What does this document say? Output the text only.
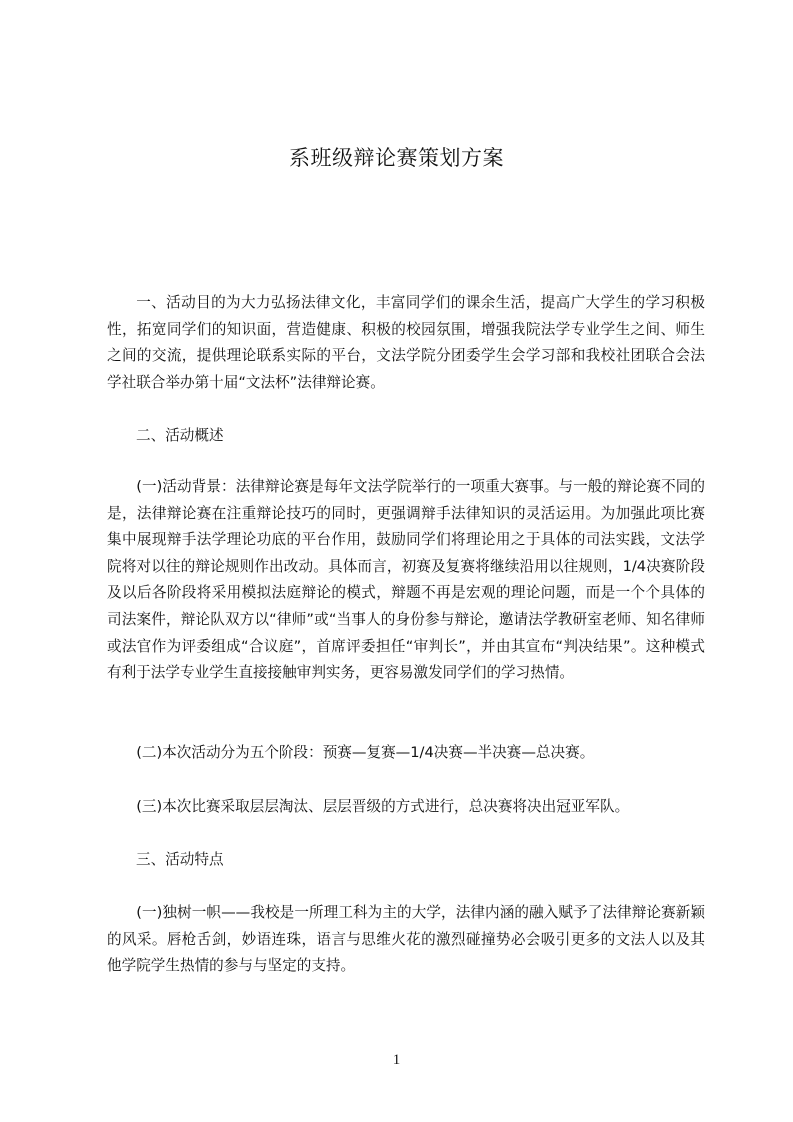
系班级辩论赛策划方案

一、活动目的为大力弘扬法律文化，丰富同学们的课余生活，提高广大学生的学习积极性，拓宽同学们的知识面，营造健康、积极的校园氛围，增强我院法学专业学生之间、师生之间的交流，提供理论联系实际的平台，文法学院分团委学生会学习部和我校社团联合会法学社联合举办第十届“文法杯”法律辩论赛。

二、活动概述

(一)活动背景：法律辩论赛是每年文法学院举行的一项重大赛事。与一般的辩论赛不同的是，法律辩论赛在注重辩论技巧的同时，更强调辩手法律知识的灵活运用。为加强此项比赛集中展现辩手法学理论功底的平台作用，鼓励同学们将理论用之于具体的司法实践，文法学院将对以往的辩论规则作出改动。具体而言，初赛及复赛将继续沿用以往规则，1/4决赛阶段及以后各阶段将采用模拟法庭辩论的模式，辩题不再是宏观的理论问题，而是一个个具体的司法案件，辩论队双方以“律师”或“当事人的身份参与辩论，邀请法学教研室老师、知名律师或法官作为评委组成“合议庭”，首席评委担任“审判长”，并由其宣布“判决结果”。这种模式有利于法学专业学生直接接触审判实务，更容易激发同学们的学习热情。

(二)本次活动分为五个阶段：预赛—复赛—1/4决赛—半决赛—总决赛。

(三)本次比赛采取层层淘汰、层层晋级的方式进行，总决赛将决出冠亚军队。

三、活动特点

(一)独树一帜——我校是一所理工科为主的大学，法律内涵的融入赋予了法律辩论赛新颖的风采。唇枪舌剑，妙语连珠，语言与思维火花的激烈碰撞势必会吸引更多的文法人以及其他学院学生热情的参与与坚定的支持。

1
